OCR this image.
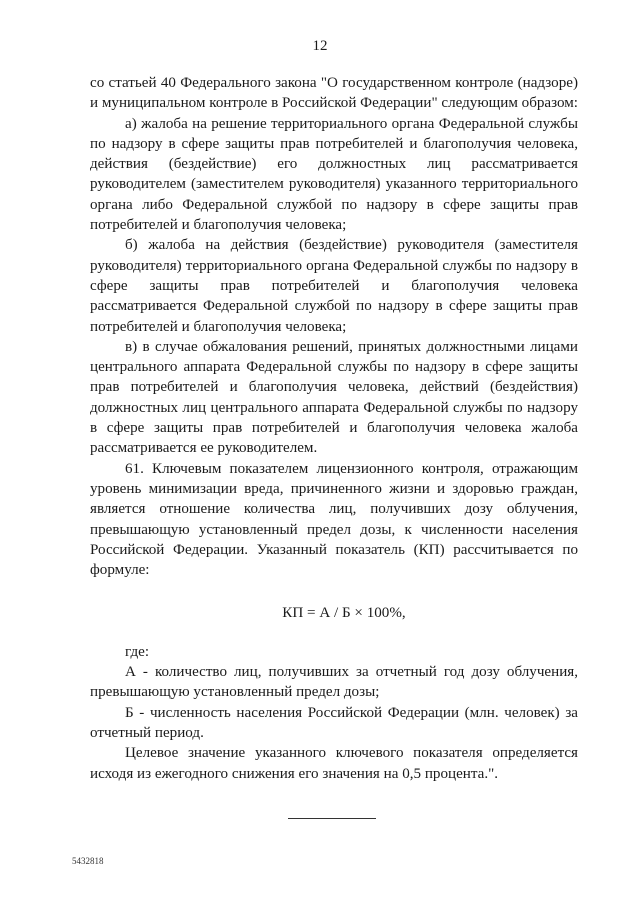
12

со статьей 40 Федерального закона "О государственном контроле (надзоре) и муниципальном контроле в Российской Федерации" следующим образом:

а) жалоба на решение территориального органа Федеральной службы по надзору в сфере защиты прав потребителей и благополучия человека, действия (бездействие) его должностных лиц рассматривается руководителем (заместителем руководителя) указанного территориального органа либо Федеральной службой по надзору в сфере защиты прав потребителей и благополучия человека;

б) жалоба на действия (бездействие) руководителя (заместителя руководителя) территориального органа Федеральной службы по надзору в сфере защиты прав потребителей и благополучия человека рассматривается Федеральной службой по надзору в сфере защиты прав потребителей и благополучия человека;

в) в случае обжалования решений, принятых должностными лицами центрального аппарата Федеральной службы по надзору в сфере защиты прав потребителей и благополучия человека, действий (бездействия) должностных лиц центрального аппарата Федеральной службы по надзору в сфере защиты прав потребителей и благополучия человека жалоба рассматривается ее руководителем.

61. Ключевым показателем лицензионного контроля, отражающим уровень минимизации вреда, причиненного жизни и здоровью граждан, является отношение количества лиц, получивших дозу облучения, превышающую установленный предел дозы, к численности населения Российской Федерации. Указанный показатель (КП) рассчитывается по формуле:

КП = А / Б × 100%,

где:

А - количество лиц, получивших за отчетный год дозу облучения, превышающую установленный предел дозы;

Б - численность населения Российской Федерации (млн. человек) за отчетный период.

Целевое значение указанного ключевого показателя определяется исходя из ежегодного снижения его значения на 0,5 процента.".

5432818
